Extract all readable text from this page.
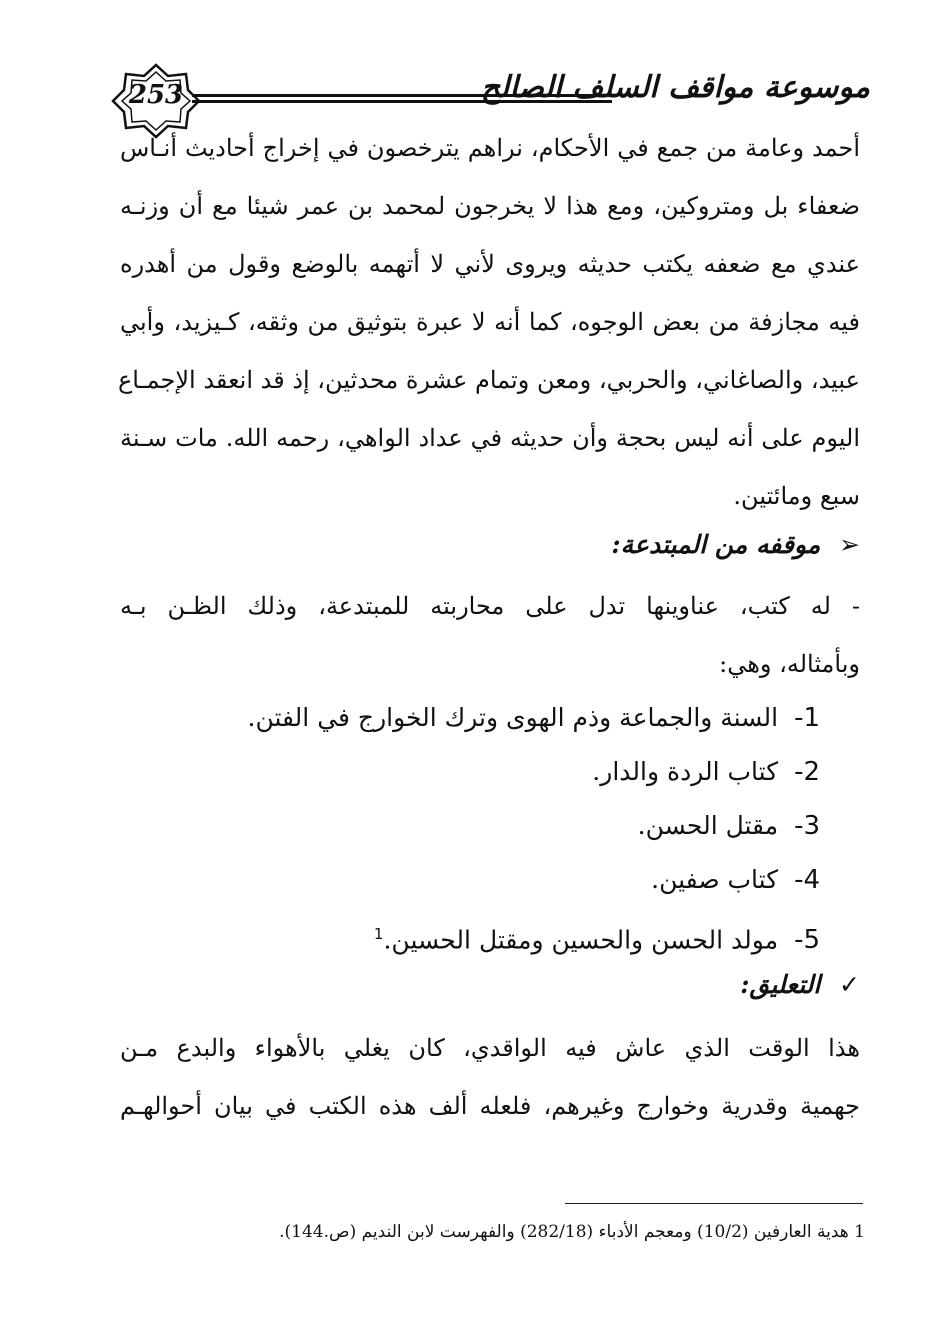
253	موسوعة مواقف السلف الصالح
أحمد وعامة من جمع في الأحكام، نراهم يترخصون في إخراج أحاديث أنـاس
ضعفاء بل ومتروكين، ومع هذا لا يخرجون لمحمد بن عمر شيئا مع أن وزنـه
عندي مع ضعفه يكتب حديثه ويروى لأني لا أتهمه بالوضع وقول من أهدره
فيه مجازفة من بعض الوجوه، كما أنه لا عبرة بتوثيق من وثقه، كـيزيد، وأبي
عبيد، والصاغاني، والحربي، ومعن وتمام عشرة محدثين، إذ قد انعقد الإجمـاع
اليوم على أنه ليس بحجة وأن حديثه في عداد الواهي، رحمه الله. مات سـنة
سبع ومائتين.
➢ موقفه من المبتدعة:
- له كتب، عناوينها تدل على محاربته للمبتدعة، وذلك الظـن بـه
وبأمثاله، وهي:
1- السنة والجماعة وذم الهوى وترك الخوارج في الفتن.
2- كتاب الردة والدار.
3- مقتل الحسن.
4- كتاب صفين.
5- مولد الحسن والحسين ومقتل الحسين.$^1$
✓ التعليق:
هذا الوقت الذي عاش فيه الواقدي، كان يغلي بالأهواء والبدع مـن
جهمية وقدرية وخوارج وغيرهم، فلعله ألف هذه الكتب في بيان أحوالهـم
1 هدية العارفين (10/2) ومعجم الأدباء (282/18) والفهرست لابن النديم (ص.144).
